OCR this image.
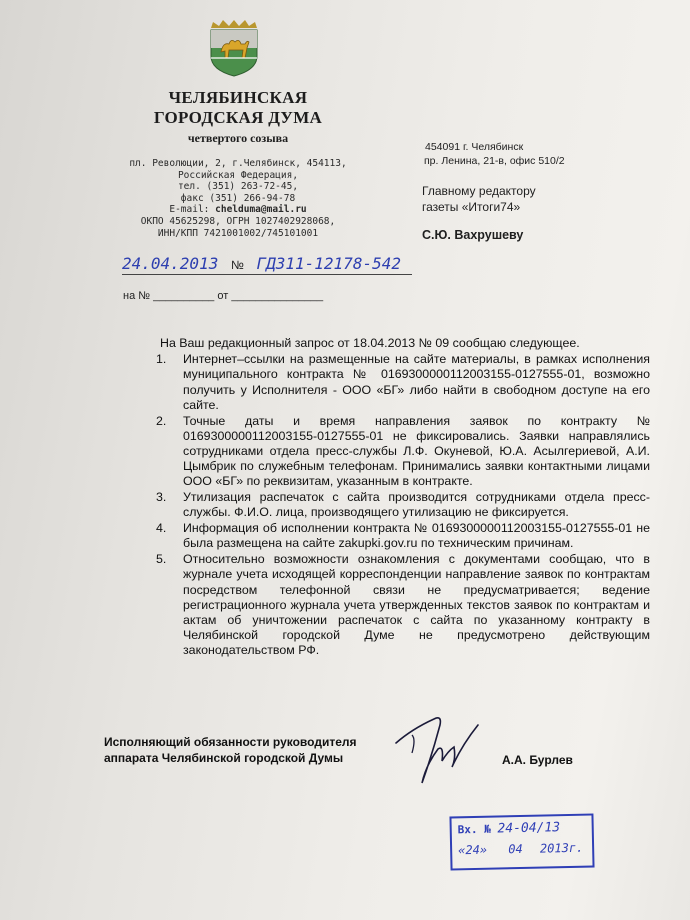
ЧЕЛЯБИНСКАЯ
ГОРОДСКАЯ ДУМА
четвертого созыва
пл. Революции, 2, г.Челябинск, 454113,
Российская Федерация,
тел. (351) 263-72-45,
факс (351) 266-94-78
E-mail: chelduma@mail.ru
ОКПО 45625298, ОГРН 1027402928068,
ИНН/КПП 7421001002/745101001
454091 г. Челябинск
пр. Ленина, 21-в, офис 510/2
Главному редактору
газеты «Итоги74»
С.Ю. Вахрушеву
24.04.2013 № ГДЗ11-12178-542
на № __________ от _______________
На Ваш редакционный запрос от 18.04.2013 № 09 сообщаю следующее.
1.	Интернет–ссылки на размещенные на сайте материалы, в рамках исполнения муниципального контракта № 0169300000112003155-0127555-01, возможно получить у Исполнителя - ООО «БГ» либо найти в свободном доступе на его сайте.
2.	Точные даты и время направления заявок по контракту № 0169300000112003155-0127555-01 не фиксировались. Заявки направлялись сотрудниками отдела пресс-службы Л.Ф. Окуневой, Ю.А. Асылгериевой, А.И. Цымбрик по служебным телефонам. Принимались заявки контактными лицами ООО «БГ» по реквизитам, указанным в контракте.
3.	Утилизация распечаток с сайта производится сотрудниками отдела пресс-службы. Ф.И.О. лица, производящего утилизацию не фиксируется.
4.	Информация об исполнении контракта № 0169300000112003155-0127555-01 не была размещена на сайте zakupki.gov.ru по техническим причинам.
5.	Относительно возможности ознакомления с документами сообщаю, что в журнале учета исходящей корреспонденции направление заявок по контрактам посредством телефонной связи не предусматривается; ведение регистрационного журнала учета утвержденных текстов заявок по контрактам и актам об уничтожении распечаток с сайта по указанному контракту в Челябинской городской Думе не предусмотрено действующим законодательством РФ.
Исполняющий обязанности руководителя
аппарата Челябинской городской Думы	А.А. Бурлев
Вх. № 24-04/13
«24» 04 2013г.
